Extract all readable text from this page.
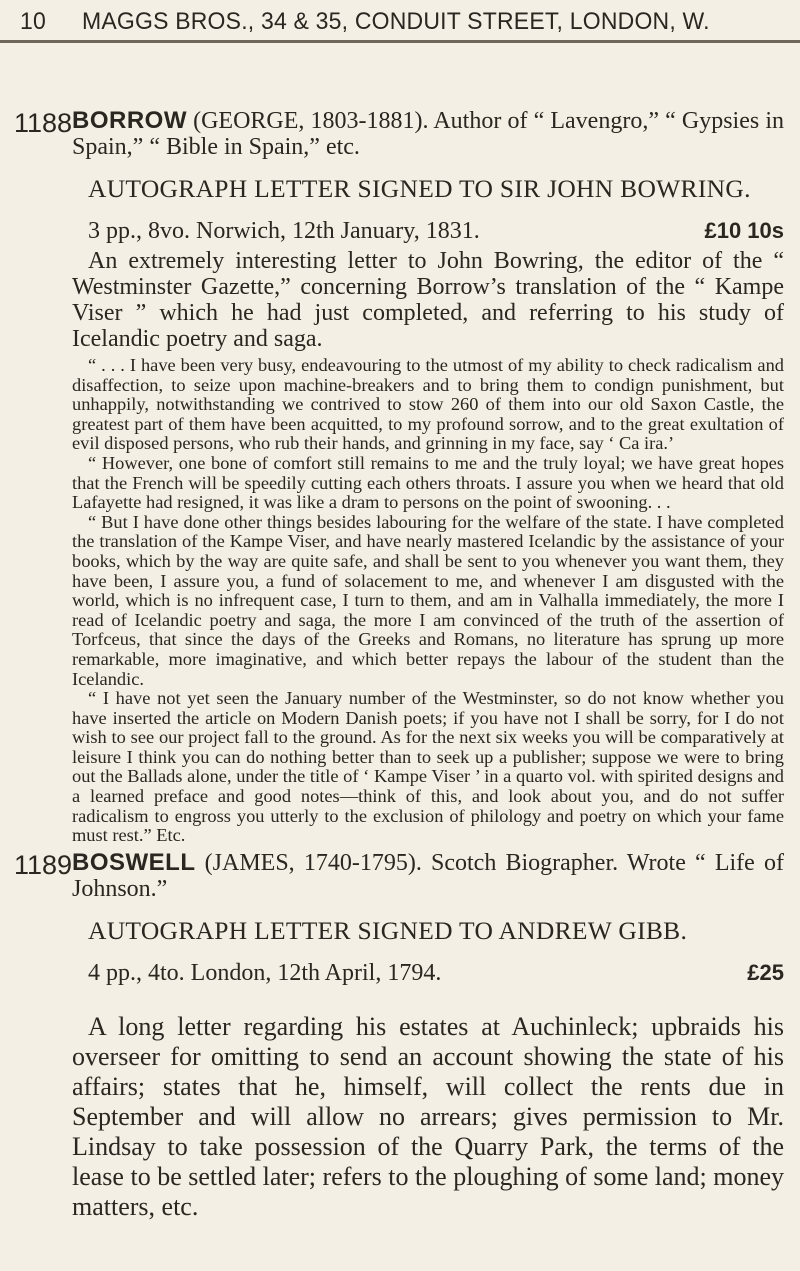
10 MAGGS BROS., 34 & 35, CONDUIT STREET, LONDON, W.
1188 BORROW (GEORGE, 1803-1881). Author of “ Lavengro,” “ Gypsies in Spain,” “ Bible in Spain,” etc.
AUTOGRAPH LETTER SIGNED TO SIR JOHN BOWRING.
3 pp., 8vo. Norwich, 12th January, 1831.	£10 10s
An extremely interesting letter to John Bowring, the editor of the “ Westminster Gazette,” concerning Borrow’s translation of the “ Kampe Viser ” which he had just completed, and referring to his study of Icelandic poetry and saga.

“ . . . I have been very busy, endeavouring to the utmost of my ability to check radicalism and disaffection, to seize upon machine-breakers and to bring them to condign punishment, but unhappily, notwithstanding we contrived to stow 260 of them into our old Saxon Castle, the greatest part of them have been acquitted, to my profound sorrow, and to the great exultation of evil disposed persons, who rub their hands, and grinning in my face, say ‘ Ca ira.’

“ However, one bone of comfort still remains to me and the truly loyal; we have great hopes that the French will be speedily cutting each others throats. I assure you when we heard that old Lafayette had resigned, it was like a dram to persons on the point of swooning. . .

“ But I have done other things besides labouring for the welfare of the state. I have completed the translation of the Kampe Viser, and have nearly mastered Icelandic by the assistance of your books, which by the way are quite safe, and shall be sent to you whenever you want them, they have been, I assure you, a fund of solacement to me, and whenever I am disgusted with the world, which is no infrequent case, I turn to them, and am in Valhalla immediately, the more I read of Icelandic poetry and saga, the more I am convinced of the truth of the assertion of Torfceus, that since the days of the Greeks and Romans, no literature has sprung up more remarkable, more imaginative, and which better repays the labour of the student than the Icelandic.

“ I have not yet seen the January number of the Westminster, so do not know whether you have inserted the article on Modern Danish poets; if you have not I shall be sorry, for I do not wish to see our project fall to the ground. As for the next six weeks you will be comparatively at leisure I think you can do nothing better than to seek up a publisher; suppose we were to bring out the Ballads alone, under the title of ‘ Kampe Viser ’ in a quarto vol. with spirited designs and a learned preface and good notes—think of this, and look about you, and do not suffer radicalism to engross you utterly to the exclusion of philology and poetry on which your fame must rest.” Etc.

1189 BOSWELL (JAMES, 1740-1795). Scotch Biographer. Wrote “ Life of Johnson.”
AUTOGRAPH LETTER SIGNED TO ANDREW GIBB.
4 pp., 4to. London, 12th April, 1794.	£25
A long letter regarding his estates at Auchinleck; upbraids his overseer for omitting to send an account showing the state of his affairs; states that he, himself, will collect the rents due in September and will allow no arrears; gives permission to Mr. Lindsay to take possession of the Quarry Park, the terms of the lease to be settled later; refers to the ploughing of some land; money matters, etc.
